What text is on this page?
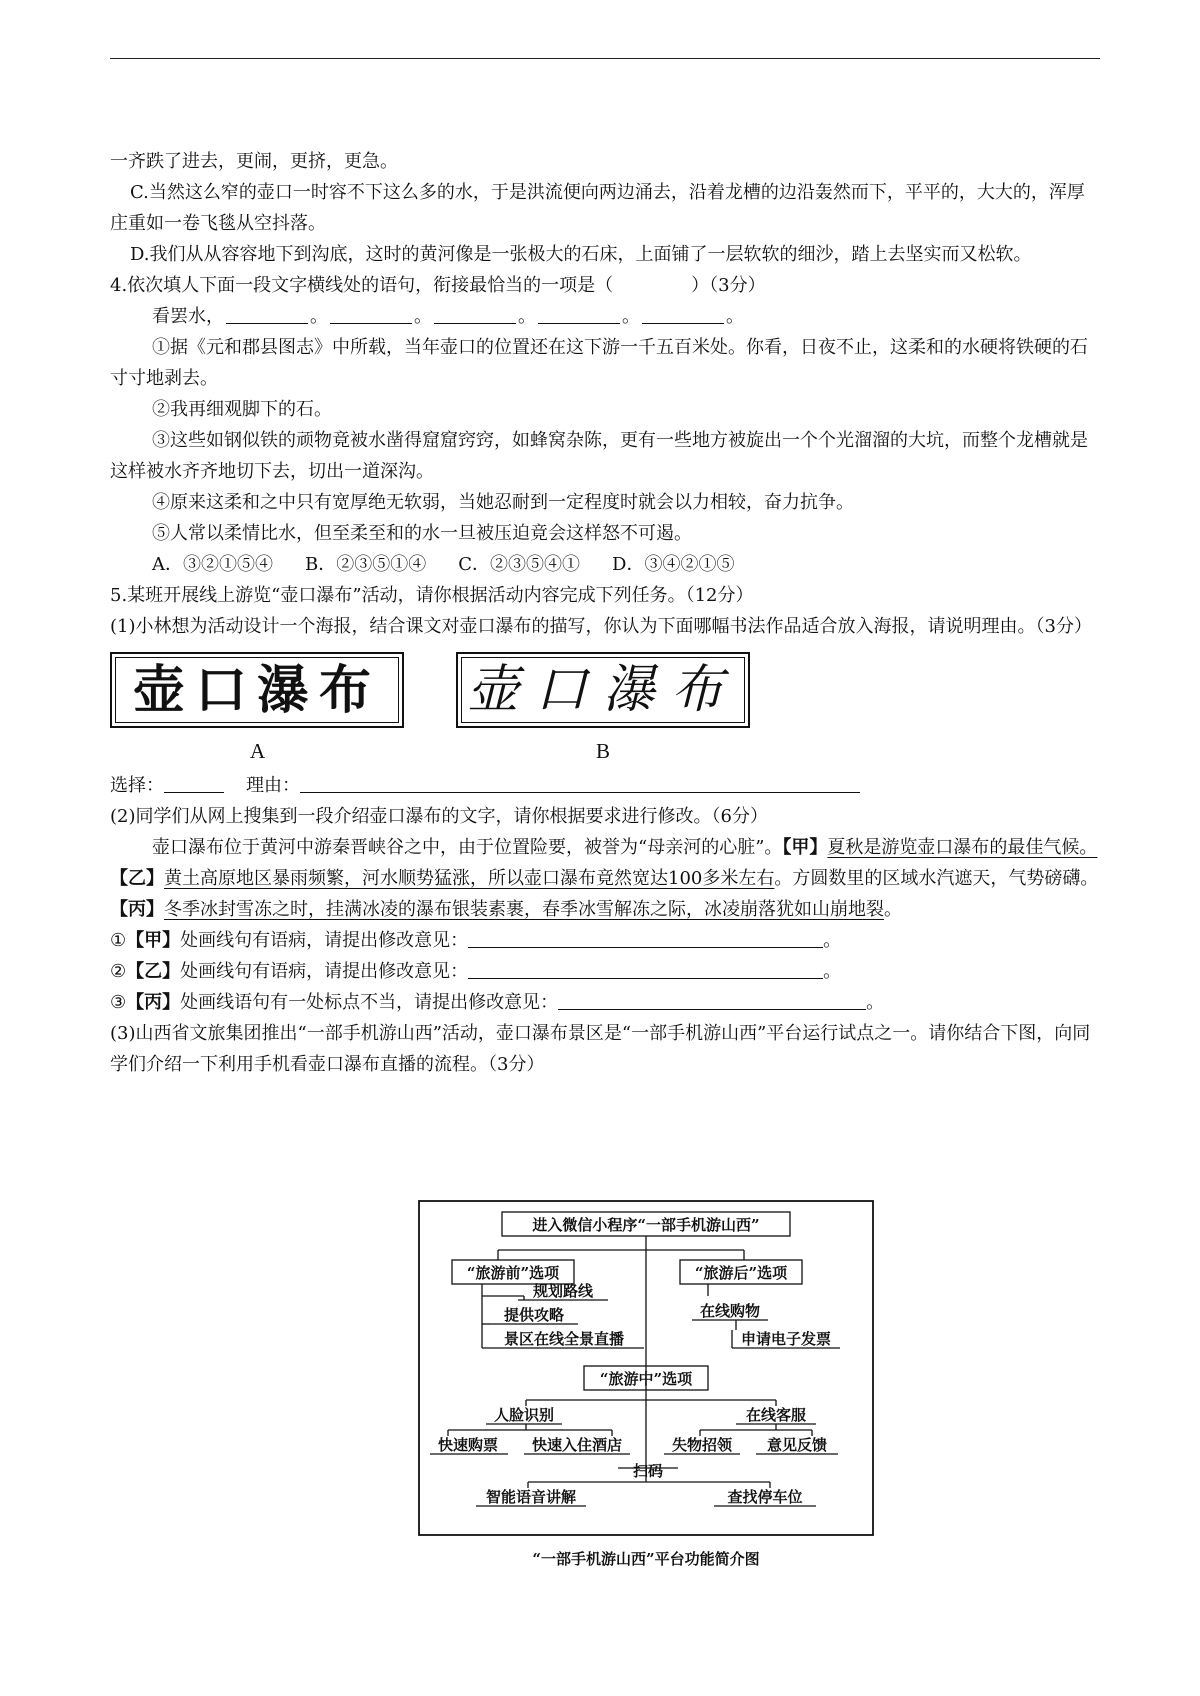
一齐跌了进去，更闹，更挤，更急。

C.当然这么窄的壶口一时容不下这么多的水，于是洪流便向两边涌去，沿着龙槽的边沿轰然而下，平平的，大大的，浑厚庄重如一卷飞毯从空抖落。

D.我们从从容容地下到沟底，这时的黄河像是一张极大的石床，上面铺了一层软软的细沙，踏上去坚实而又松软。

4.依次填人下面一段文字横线处的语句，衔接最恰当的一项是（	）（3分）

看罢水，	。	。	。	。	。

①据《元和郡县图志》中所载，当年壶口的位置还在这下游一千五百米处。你看，日夜不止，这柔和的水硬将铁硬的石寸寸地剥去。

②我再细观脚下的石。

③这些如钢似铁的顽物竟被水凿得窟窟窍窍，如蜂窝杂陈，更有一些地方被旋出一个个光溜溜的大坑，而整个龙槽就是这样被水齐齐地切下去，切出一道深沟。

④原来这柔和之中只有宽厚绝无软弱，当她忍耐到一定程度时就会以力相较，奋力抗争。

⑤人常以柔情比水，但至柔至和的水一旦被压迫竟会这样怒不可遏。

A．③②①⑤④ B．②③⑤①④ C．②③⑤④① D．③④②①⑤

5.某班开展线上游览“壶口瀑布”活动，请你根据活动内容完成下列任务。（12分）

(1)小林想为活动设计一个海报，结合课文对壶口瀑布的描写，你认为下面哪幅书法作品适合放入海报，请说明理由。（3分）

壶口瀑布	壶口瀑布
A	B

选择：	理由：

(2)同学们从网上搜集到一段介绍壶口瀑布的文字，请你根据要求进行修改。（6分）

壶口瀑布位于黄河中游秦晋峡谷之中，由于位置险要，被誉为“母亲河的心脏”。【甲】夏秋是游览壶口瀑布的最佳气候。【乙】黄土高原地区暴雨频繁，河水顺势猛涨，所以壶口瀑布竟然宽达100多米左右。方圆数里的区域水汽遮天，气势磅礴。【丙】冬季冰封雪冻之时，挂满冰凌的瀑布银装素裹，春季冰雪解冻之际，冰凌崩落犹如山崩地裂。

①【甲】处画线句有语病，请提出修改意见：	。

②【乙】处画线句有语病，请提出修改意见：	。

③【丙】处画线语句有一处标点不当，请提出修改意见：	。

(3)山西省文旅集团推出“一部手机游山西”活动，壶口瀑布景区是“一部手机游山西”平台运行试点之一。请你结合下图，向同学们介绍一下利用手机看壶口瀑布直播的流程。（3分）

进入微信小程序“一部手机游山西”
“旅游前”选项	“旅游后”选项
规划路线
提供攻略
景区在线全景直播
在线购物
申请电子发票
“旅游中”选项
人脸识别	在线客服
快速购票 快速入住酒店	失物招领 意见反馈
扫码
智能语音讲解	查找停车位
“一部手机游山西”平台功能简介图
